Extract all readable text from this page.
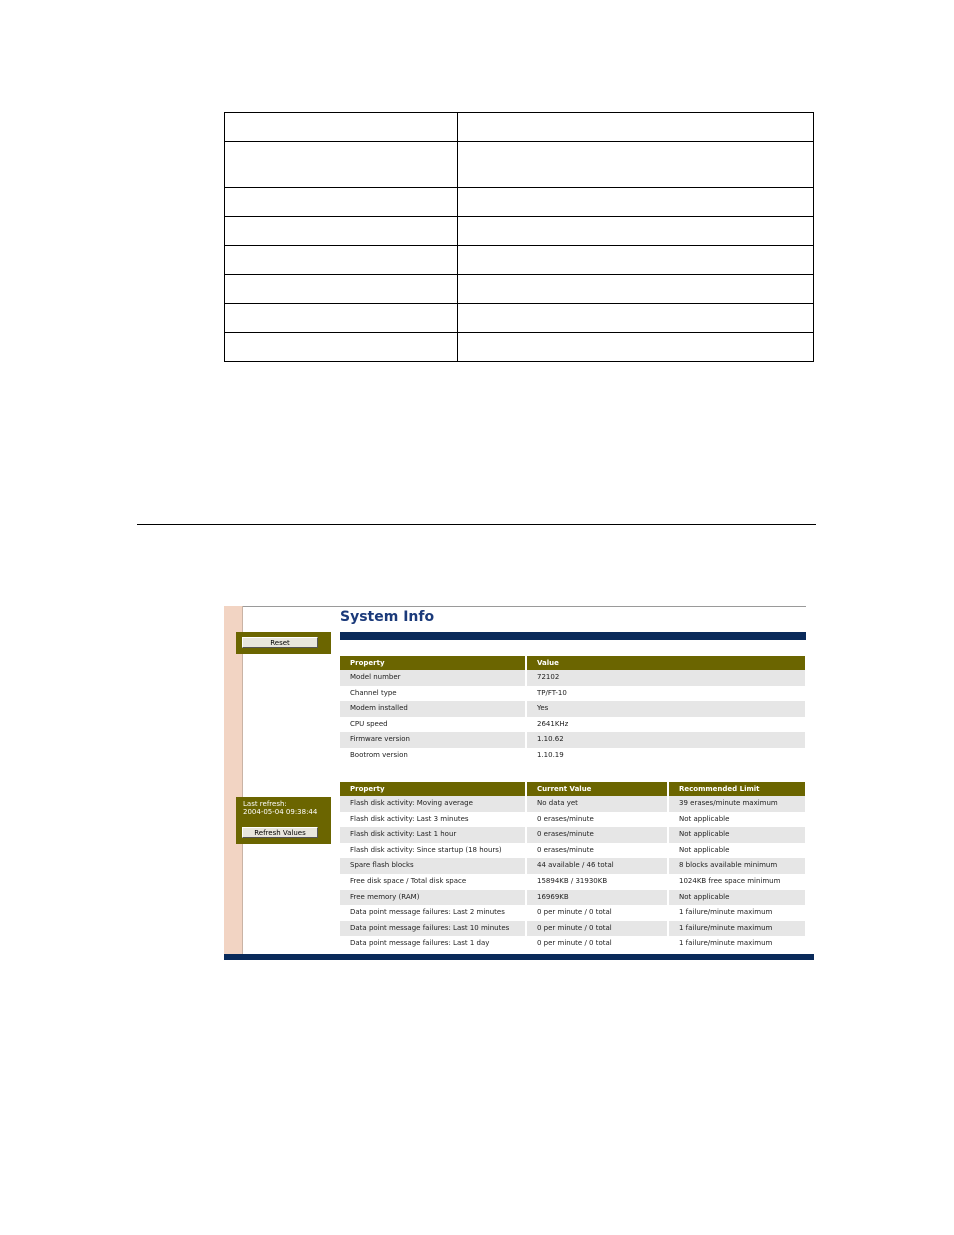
Reset
Last refresh:
2004-05-04 09:38:44
Refresh Values
System Info
Property	Value
Model number	72102
Channel type	TP/FT-10
Modem installed	Yes
CPU speed	2641KHz
Firmware version	1.10.62
Bootrom version	1.10.19
Property	Current Value	Recommended Limit
Flash disk activity: Moving average	No data yet	39 erases/minute maximum
Flash disk activity: Last 3 minutes	0 erases/minute	Not applicable
Flash disk activity: Last 1 hour	0 erases/minute	Not applicable
Flash disk activity: Since startup (18 hours)	0 erases/minute	Not applicable
Spare flash blocks	44 available / 46 total	8 blocks available minimum
Free disk space / Total disk space	15894KB / 31930KB	1024KB free space minimum
Free memory (RAM)	16969KB	Not applicable
Data point message failures: Last 2 minutes	0 per minute / 0 total	1 failure/minute maximum
Data point message failures: Last 10 minutes	0 per minute / 0 total	1 failure/minute maximum
Data point message failures: Last 1 day	0 per minute / 0 total	1 failure/minute maximum
